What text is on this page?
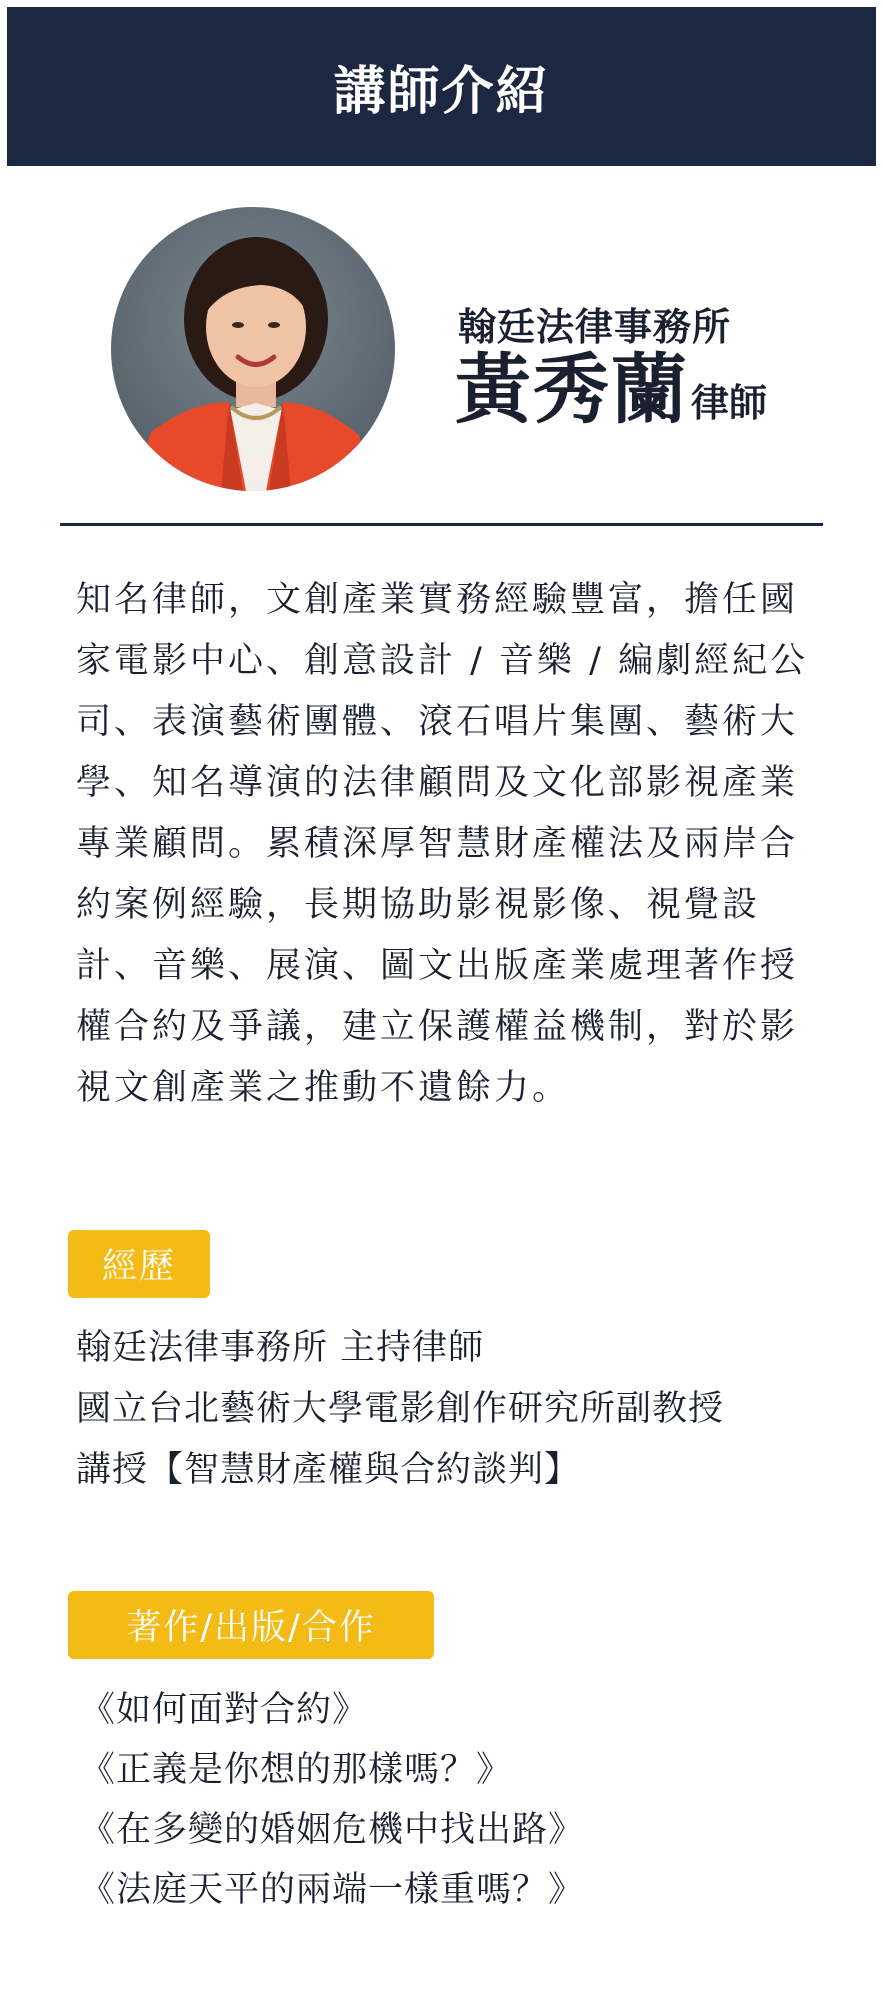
講師介紹
翰廷法律事務所
黃秀蘭律師

知名律師，文創產業實務經驗豐富，擔任國家電影中心、創意設計 / 音樂 / 編劇經紀公司、表演藝術團體、滾石唱片集團、藝術大學、知名導演的法律顧問及文化部影視產業專業顧問。累積深厚智慧財產權法及兩岸合約案例經驗，長期協助影視影像、視覺設計、音樂、展演、圖文出版產業處理著作授權合約及爭議，建立保護權益機制，對於影視文創產業之推動不遺餘力。

經歷
翰廷法律事務所 主持律師
國立台北藝術大學電影創作研究所副教授
講授【智慧財產權與合約談判】
著作/出版/合作
《如何面對合約》
《正義是你想的那樣嗎？》
《在多變的婚姻危機中找出路》
《法庭天平的兩端一樣重嗎？》
